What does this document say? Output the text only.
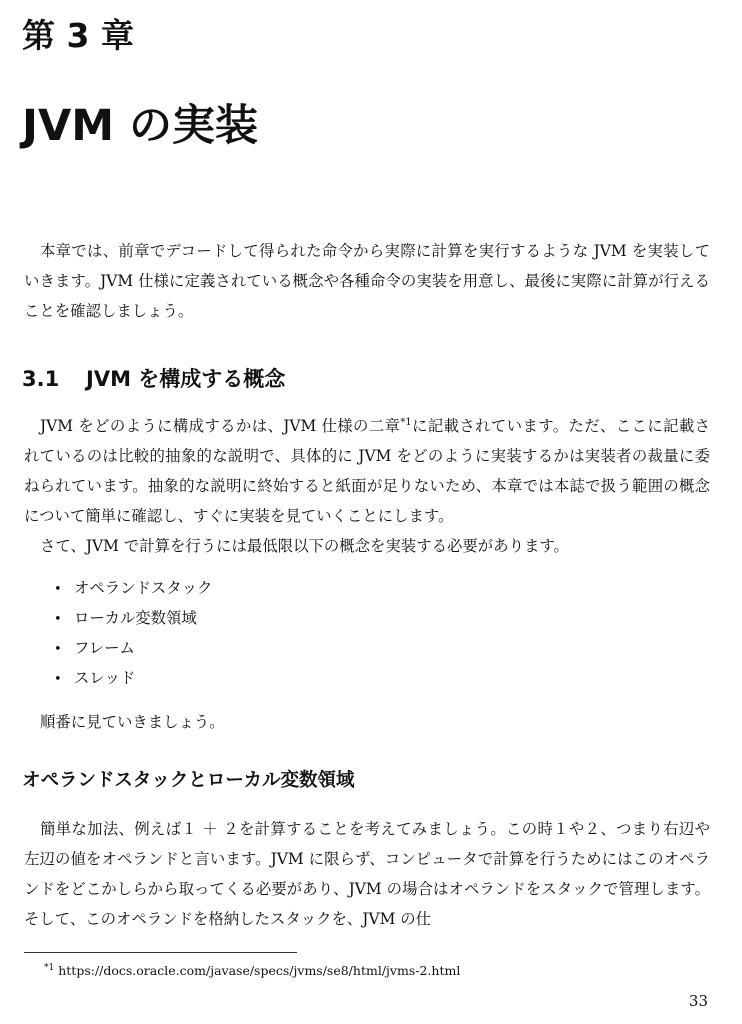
第 3 章
JVM の実装

本章では、前章でデコードして得られた命令から実際に計算を実行するような JVM を実装していきます。JVM 仕様に定義されている概念や各種命令の実装を用意し、最後に実際に計算が行えることを確認しましょう。

3.1 JVM を構成する概念

JVM をどのように構成するかは、JVM 仕様の二章$^{*1}$に記載されています。ただ、ここに記載されているのは比較的抽象的な説明で、具体的に JVM をどのように実装するかは実装者の裁量に委ねられています。抽象的な説明に終始すると紙面が足りないため、本章では本誌で扱う範囲の概念について簡単に確認し、すぐに実装を見ていくことにします。

さて、JVM で計算を行うには最低限以下の概念を実装する必要があります。

• オペランドスタック
• ローカル変数領域
• フレーム
• スレッド

順番に見ていきましょう。

オペランドスタックとローカル変数領域

簡単な加法、例えば１ ＋ ２を計算することを考えてみましょう。この時１や２、つまり右辺や左辺の値をオペランドと言います。JVM に限らず、コンピュータで計算を行うためにはこのオペランドをどこかしらから取ってくる必要があり、JVM の場合はオペランドをスタックで管理します。そして、このオペランドを格納したスタックを、JVM の仕

$^{*1}$ https://docs.oracle.com/javase/specs/jvms/se8/html/jvms-2.html
33
